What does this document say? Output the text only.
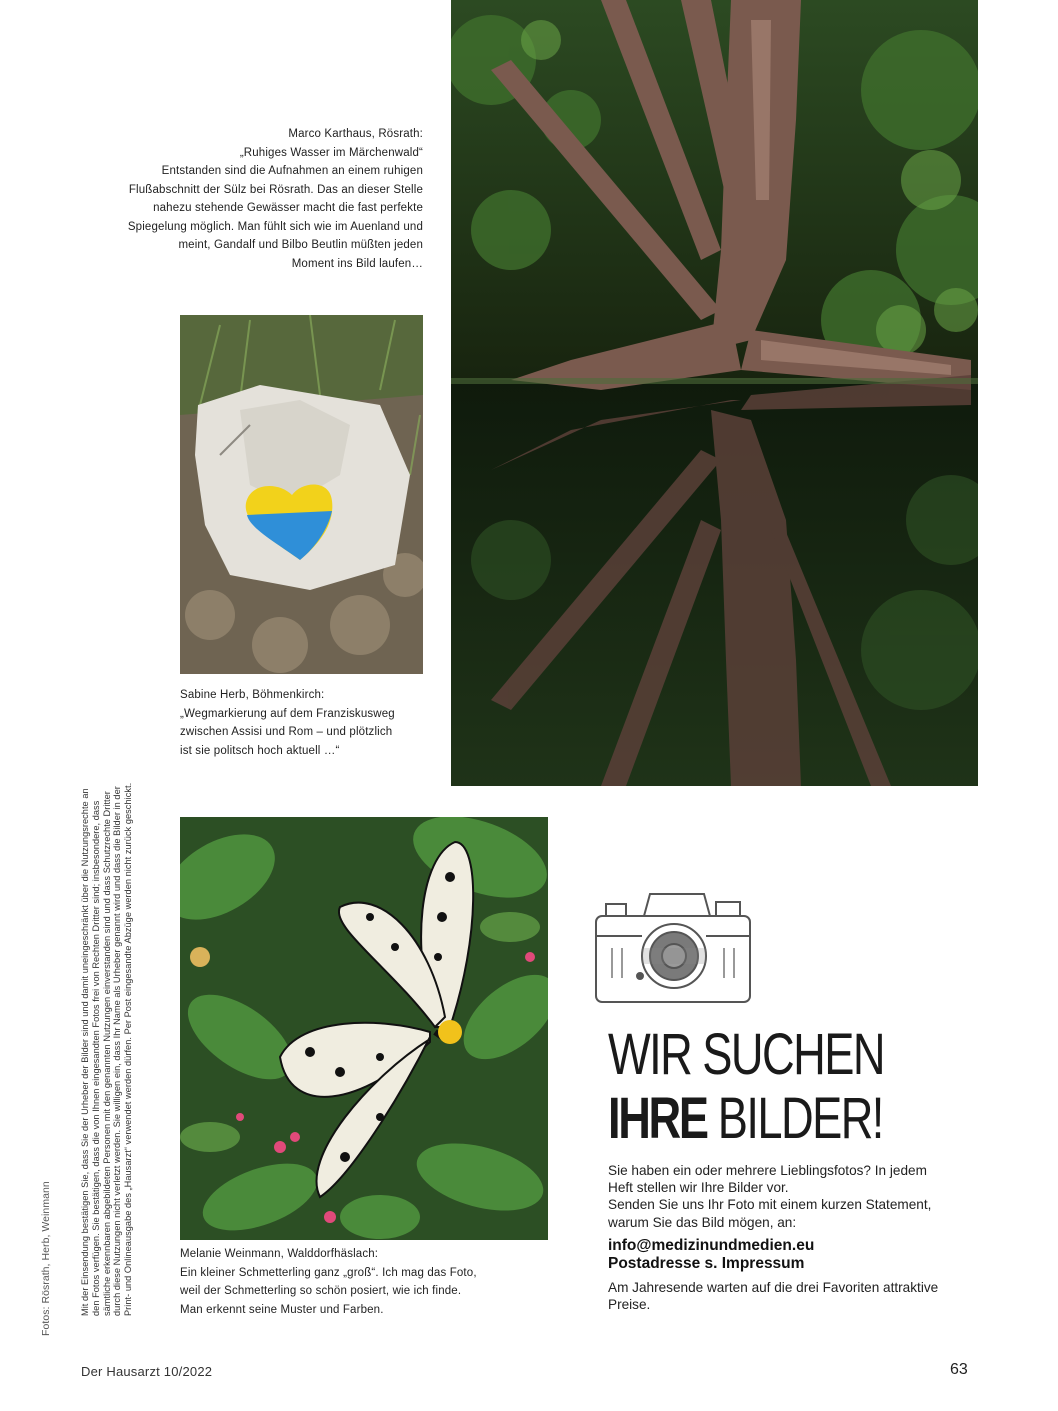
Marco Karthaus, Rösrath:
„Ruhiges Wasser im Märchenwald“
Entstanden sind die Aufnahmen an einem ruhigen
Flußabschnitt der Sülz bei Rösrath. Das an dieser Stelle
nahezu stehende Gewässer macht die fast perfekte
Spiegelung möglich. Man fühlt sich wie im Auenland und
meint, Gandalf und Bilbo Beutlin müßten jeden
Moment ins Bild laufen…
Sabine Herb, Böhmenkirch:
„Wegmarkierung auf dem Franziskusweg
zwischen Assisi und Rom – und plötzlich
ist sie politsch hoch aktuell …“
Melanie Weinmann, Walddorfhäslach:
Ein kleiner Schmetterling ganz „groß“. Ich mag das Foto,
weil der Schmetterling so schön posiert, wie ich finde.
Man erkennt seine Muster und Farben.
Fotos: Rösrath, Herb, Weinmann	Mit der Einsendung bestätigen Sie, dass Sie der Urheber der Bilder sind und damit uneingeschränkt über die Nutzungsrechte an den Fotos verfügen. Sie bestätigen, dass die von Ihnen eingesandten Fotos frei von Rechten Dritter sind; insbesondere, dass sämtliche erkennbaren abgebildeten Personen mit den genannten Nutzungen einverstanden sind und dass Schutzrechte Dritter durch diese Nutzungen nicht verletzt werden. Sie willigen ein, dass Ihr Name als Urheber genannt wird und dass die Bilder in der Print- und Onlineausgabe des „Hausarzt“ verwendet werden dürfen. Per Post eingesandte Abzüge werden nicht zurück geschickt.	WIR SUCHEN
IHRE BILDER!
Sie haben ein oder mehrere Lieblingsfotos? In jedem
Heft stellen wir Ihre Bilder vor.
Senden Sie uns Ihr Foto mit einem kurzen Statement,
warum Sie das Bild mögen, an:
info@medizinundmedien.eu
Postadresse s. Impressum
Am Jahresende warten auf die drei Favoriten attraktive
Preise.
Der Hausarzt 10/2022	63
